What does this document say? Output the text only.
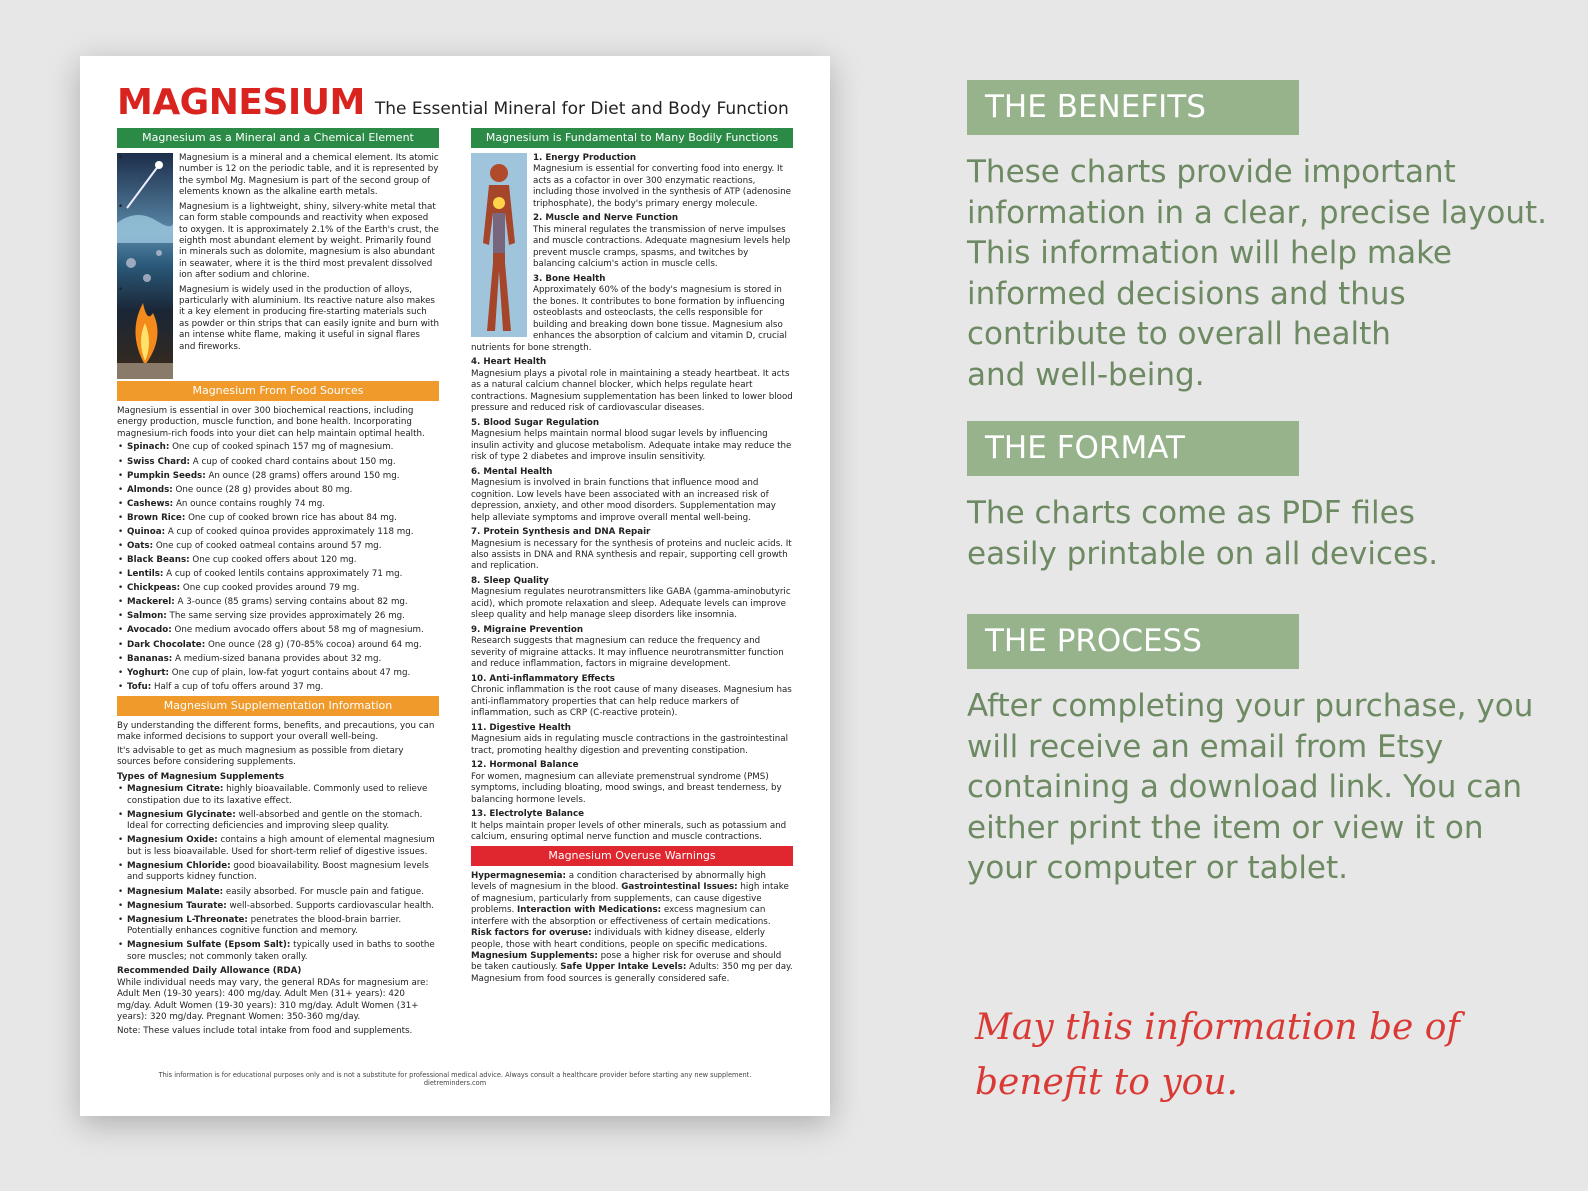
MAGNESIUM The Essential Mineral for Diet and Body Function
Magnesium as a Mineral and a Chemical Element
• Magnesium is a mineral and a chemical element. Its atomic number is 12 on the periodic table, and it is represented by the symbol Mg. Magnesium is part of the second group of elements known as the alkaline earth metals.
• Magnesium is a lightweight, shiny, silvery-white metal that can form stable compounds and reactivity when exposed to oxygen. It is approximately 2.1% of the Earth's crust, the eighth most abundant element by weight. Primarily found in minerals such as dolomite, magnesium is also abundant in seawater, where it is the third most prevalent dissolved ion after sodium and chlorine.
• Magnesium is widely used in the production of alloys, particularly with aluminium. Its reactive nature also makes it a key element in producing fire-starting materials such as powder or thin strips that can easily ignite and burn with an intense white flame, making it useful in signal flares and fireworks.
Magnesium From Food Sources

Magnesium is essential in over 300 biochemical reactions, including energy production, muscle function, and bone health. Incorporating magnesium-rich foods into your diet can help maintain optimal health.

• Spinach: One cup of cooked spinach 157 mg of magnesium.
• Swiss Chard: A cup of cooked chard contains about 150 mg.
• Pumpkin Seeds: An ounce (28 grams) offers around 150 mg.
• Almonds: One ounce (28 g) provides about 80 mg.
• Cashews: An ounce contains roughly 74 mg.
• Brown Rice: One cup of cooked brown rice has about 84 mg.
• Quinoa: A cup of cooked quinoa provides approximately 118 mg.
• Oats: One cup of cooked oatmeal contains around 57 mg.
• Black Beans: One cup cooked offers about 120 mg.
• Lentils: A cup of cooked lentils contains approximately 71 mg.
• Chickpeas: One cup cooked provides around 79 mg.
• Mackerel: A 3-ounce (85 grams) serving contains about 82 mg.
• Salmon: The same serving size provides approximately 26 mg.
• Avocado: One medium avocado offers about 58 mg of magnesium.
• Dark Chocolate: One ounce (28 g) (70-85% cocoa) around 64 mg.
• Bananas: A medium-sized banana provides about 32 mg.
• Yoghurt: One cup of plain, low-fat yogurt contains about 47 mg.
• Tofu: Half a cup of tofu offers around 37 mg.
Magnesium Supplementation Information

By understanding the different forms, benefits, and precautions, you can make informed decisions to support your overall well-being.

It's advisable to get as much magnesium as possible from dietary sources before considering supplements.

Types of Magnesium Supplements
• Magnesium Citrate: highly bioavailable. Commonly used to relieve constipation due to its laxative effect.
• Magnesium Glycinate: well-absorbed and gentle on the stomach. Ideal for correcting deficiencies and improving sleep quality.
• Magnesium Oxide: contains a high amount of elemental magnesium but is less bioavailable. Used for short-term relief of digestive issues.
• Magnesium Chloride: good bioavailability. Boost magnesium levels and supports kidney function.
• Magnesium Malate: easily absorbed. For muscle pain and fatigue.
• Magnesium Taurate: well-absorbed. Supports cardiovascular health.
• Magnesium L-Threonate: penetrates the blood-brain barrier. Potentially enhances cognitive function and memory.
• Magnesium Sulfate (Epsom Salt): typically used in baths to soothe sore muscles; not commonly taken orally.
Recommended Daily Allowance (RDA)

While individual needs may vary, the general RDAs for magnesium are: Adult Men (19-30 years): 400 mg/day. Adult Men (31+ years): 420 mg/day. Adult Women (19-30 years): 310 mg/day. Adult Women (31+ years): 320 mg/day. Pregnant Women: 350-360 mg/day.

Note: These values include total intake from food and supplements.

Magnesium is Fundamental to Many Bodily Functions
1. Energy Production

Magnesium is essential for converting food into energy. It acts as a cofactor in over 300 enzymatic reactions, including those involved in the synthesis of ATP (adenosine triphosphate), the body's primary energy molecule.

2. Muscle and Nerve Function

This mineral regulates the transmission of nerve impulses and muscle contractions. Adequate magnesium levels help prevent muscle cramps, spasms, and twitches by balancing calcium's action in muscle cells.

3. Bone Health

Approximately 60% of the body's magnesium is stored in the bones. It contributes to bone formation by influencing osteoblasts and osteoclasts, the cells responsible for building and breaking down bone tissue. Magnesium also enhances the absorption of calcium and vitamin D, crucial nutrients for bone strength.

4. Heart Health

Magnesium plays a pivotal role in maintaining a steady heartbeat. It acts as a natural calcium channel blocker, which helps regulate heart contractions. Magnesium supplementation has been linked to lower blood pressure and reduced risk of cardiovascular diseases.

5. Blood Sugar Regulation

Magnesium helps maintain normal blood sugar levels by influencing insulin activity and glucose metabolism. Adequate intake may reduce the risk of type 2 diabetes and improve insulin sensitivity.

6. Mental Health

Magnesium is involved in brain functions that influence mood and cognition. Low levels have been associated with an increased risk of depression, anxiety, and other mood disorders. Supplementation may help alleviate symptoms and improve overall mental well-being.

7. Protein Synthesis and DNA Repair

Magnesium is necessary for the synthesis of proteins and nucleic acids. It also assists in DNA and RNA synthesis and repair, supporting cell growth and replication.

8. Sleep Quality

Magnesium regulates neurotransmitters like GABA (gamma-aminobutyric acid), which promote relaxation and sleep. Adequate levels can improve sleep quality and help manage sleep disorders like insomnia.

9. Migraine Prevention

Research suggests that magnesium can reduce the frequency and severity of migraine attacks. It may influence neurotransmitter function and reduce inflammation, factors in migraine development.

10. Anti-inflammatory Effects

Chronic inflammation is the root cause of many diseases. Magnesium has anti-inflammatory properties that can help reduce markers of inflammation, such as CRP (C-reactive protein).

11. Digestive Health

Magnesium aids in regulating muscle contractions in the gastrointestinal tract, promoting healthy digestion and preventing constipation.

12. Hormonal Balance

For women, magnesium can alleviate premenstrual syndrome (PMS) symptoms, including bloating, mood swings, and breast tenderness, by balancing hormone levels.

13. Electrolyte Balance

It helps maintain proper levels of other minerals, such as potassium and calcium, ensuring optimal nerve function and muscle contractions.

Magnesium Overuse Warnings

Hypermagnesemia: a condition characterised by abnormally high levels of magnesium in the blood. Gastrointestinal Issues: high intake of magnesium, particularly from supplements, can cause digestive problems. Interaction with Medications: excess magnesium can interfere with the absorption or effectiveness of certain medications. Risk factors for overuse: individuals with kidney disease, elderly people, those with heart conditions, people on specific medications. Magnesium Supplements: pose a higher risk for overuse and should be taken cautiously. Safe Upper Intake Levels: Adults: 350 mg per day. Magnesium from food sources is generally considered safe.

This information is for educational purposes only and is not a substitute for professional medical advice. Always consult a healthcare provider before starting any new supplement.
dietreminders.com
THE BENEFITS
These charts provide important information in a clear, precise layout.
This information will help make informed decisions and thus contribute to overall health
and well-being.
THE FORMAT
The charts come as PDF files easily printable on all devices.
THE PROCESS
After completing your purchase, you will receive an email from Etsy containing a download link. You can either print the item or view it on your computer or tablet.
May this information be of benefit to you.
